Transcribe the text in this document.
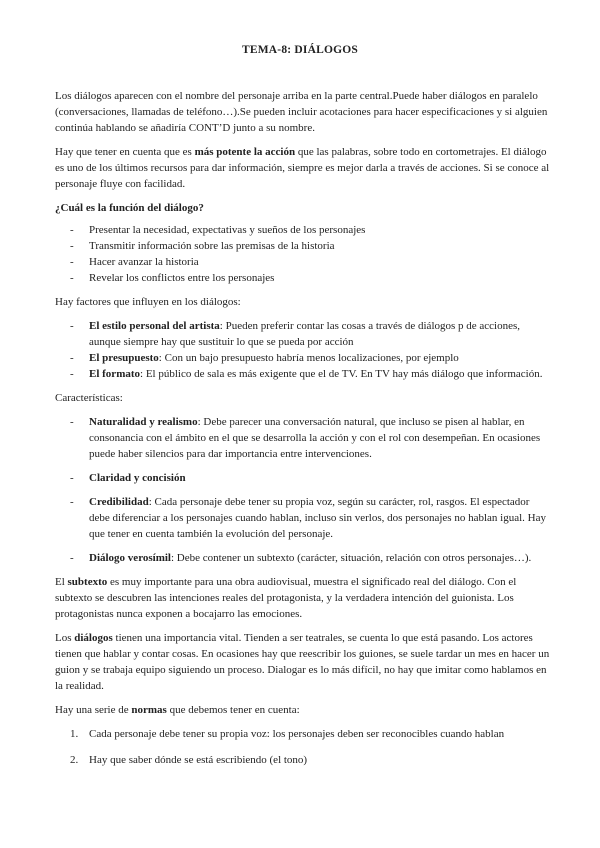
TEMA-8: DIÁLOGOS

Los diálogos aparecen con el nombre del personaje arriba en la parte central.Puede haber diálogos en paralelo (conversaciones, llamadas de teléfono…).Se pueden incluir acotaciones para hacer especificaciones y si alguien continúa hablando se añadiría CONT’D junto a su nombre.

Hay que tener en cuenta que es más potente la acción que las palabras, sobre todo en cortometrajes. El diálogo es uno de los últimos recursos para dar información, siempre es mejor darla a través de acciones. Si se conoce al personaje fluye con facilidad.

¿Cuál es la función del diálogo?

- Presentar la necesidad, expectativas y sueños de los personajes
- Transmitir información sobre las premisas de la historia
- Hacer avanzar la historia
- Revelar los conflictos entre los personajes

Hay factores que influyen en los diálogos:

- El estilo personal del artista: Pueden preferir contar las cosas a través de diálogos p de acciones, aunque siempre hay que sustituir lo que se pueda por acción
- El presupuesto: Con un bajo presupuesto habría menos localizaciones, por ejemplo
- El formato: El público de sala es más exigente que el de TV. En TV hay más diálogo que información.

Características:

- Naturalidad y realismo: Debe parecer una conversación natural, que incluso se pisen al hablar, en consonancia con el ámbito en el que se desarrolla la acción y con el rol con desempeñan. En ocasiones puede haber silencios para dar importancia entre intervenciones.
- Claridad y concisión
- Credibilidad: Cada personaje debe tener su propia voz, según su carácter, rol, rasgos. El espectador debe diferenciar a los personajes cuando hablan, incluso sin verlos, dos personajes no hablan igual. Hay que tener en cuenta también la evolución del personaje.
- Diálogo verosímil: Debe contener un subtexto (carácter, situación, relación con otros personajes…).

El subtexto es muy importante para una obra audiovisual, muestra el significado real del diálogo. Con el subtexto se descubren las intenciones reales del protagonista, y la verdadera intención del guionista. Los protagonistas nunca exponen a bocajarro las emociones.

Los diálogos tienen una importancia vital. Tienden a ser teatrales, se cuenta lo que está pasando. Los actores tienen que hablar y contar cosas. En ocasiones hay que reescribir los guiones, se suele tardar un mes en hacer un guion y se trabaja equipo siguiendo un proceso. Dialogar es lo más difícil, no hay que imitar como hablamos en la realidad.

Hay una serie de normas que debemos tener en cuenta:

1. Cada personaje debe tener su propia voz: los personajes deben ser reconocibles cuando hablan
2. Hay que saber dónde se está escribiendo (el tono)
